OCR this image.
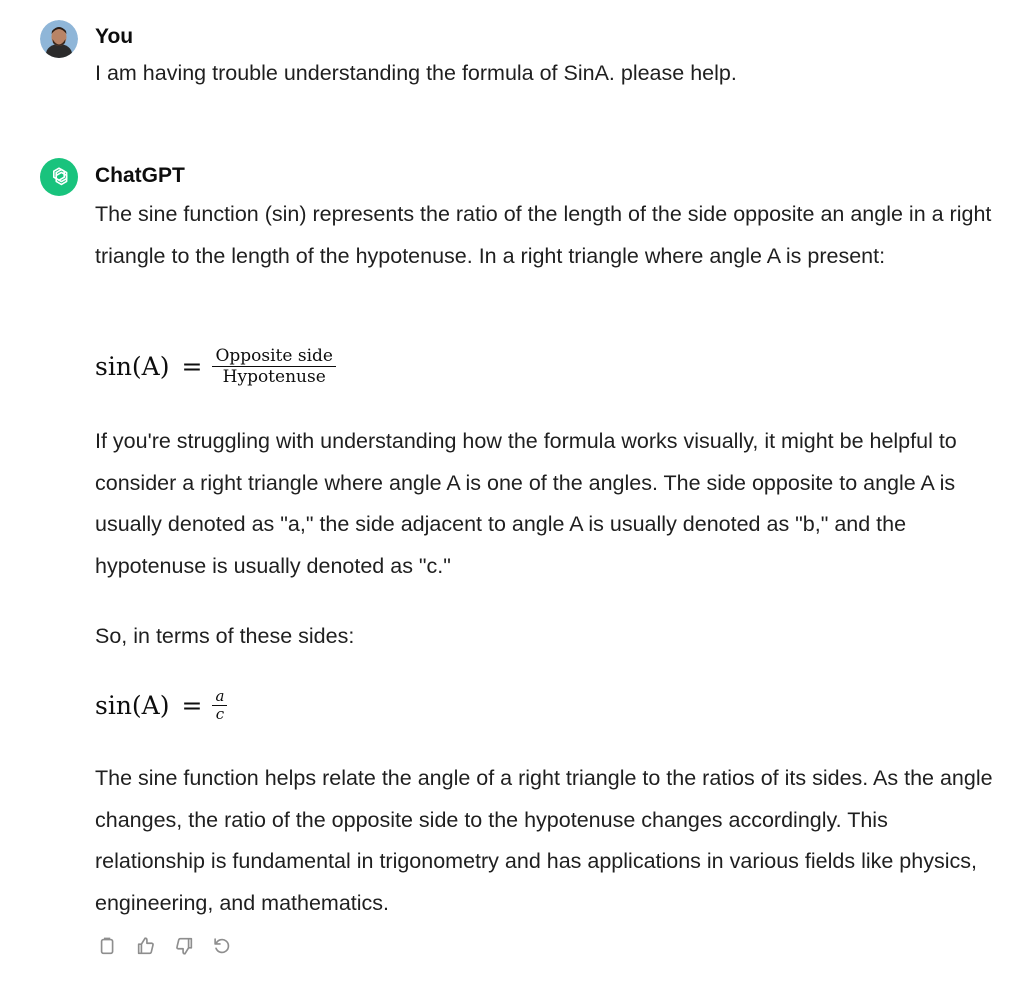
You
I am having trouble understanding the formula of SinA. please help.
ChatGPT
The sine function (sin) represents the ratio of the length of the side opposite an angle in a right triangle to the length of the hypotenuse. In a right triangle where angle A is present:
$\sin(A) = \frac{\text{Opposite side}}{\text{Hypotenuse}}$
If you're struggling with understanding how the formula works visually, it might be helpful to consider a right triangle where angle A is one of the angles. The side opposite to angle A is usually denoted as "a," the side adjacent to angle A is usually denoted as "b," and the hypotenuse is usually denoted as "c."
So, in terms of these sides:
$\sin(A) = \frac{a}{c}$
The sine function helps relate the angle of a right triangle to the ratios of its sides. As the angle changes, the ratio of the opposite side to the hypotenuse changes accordingly. This relationship is fundamental in trigonometry and has applications in various fields like physics, engineering, and mathematics.
